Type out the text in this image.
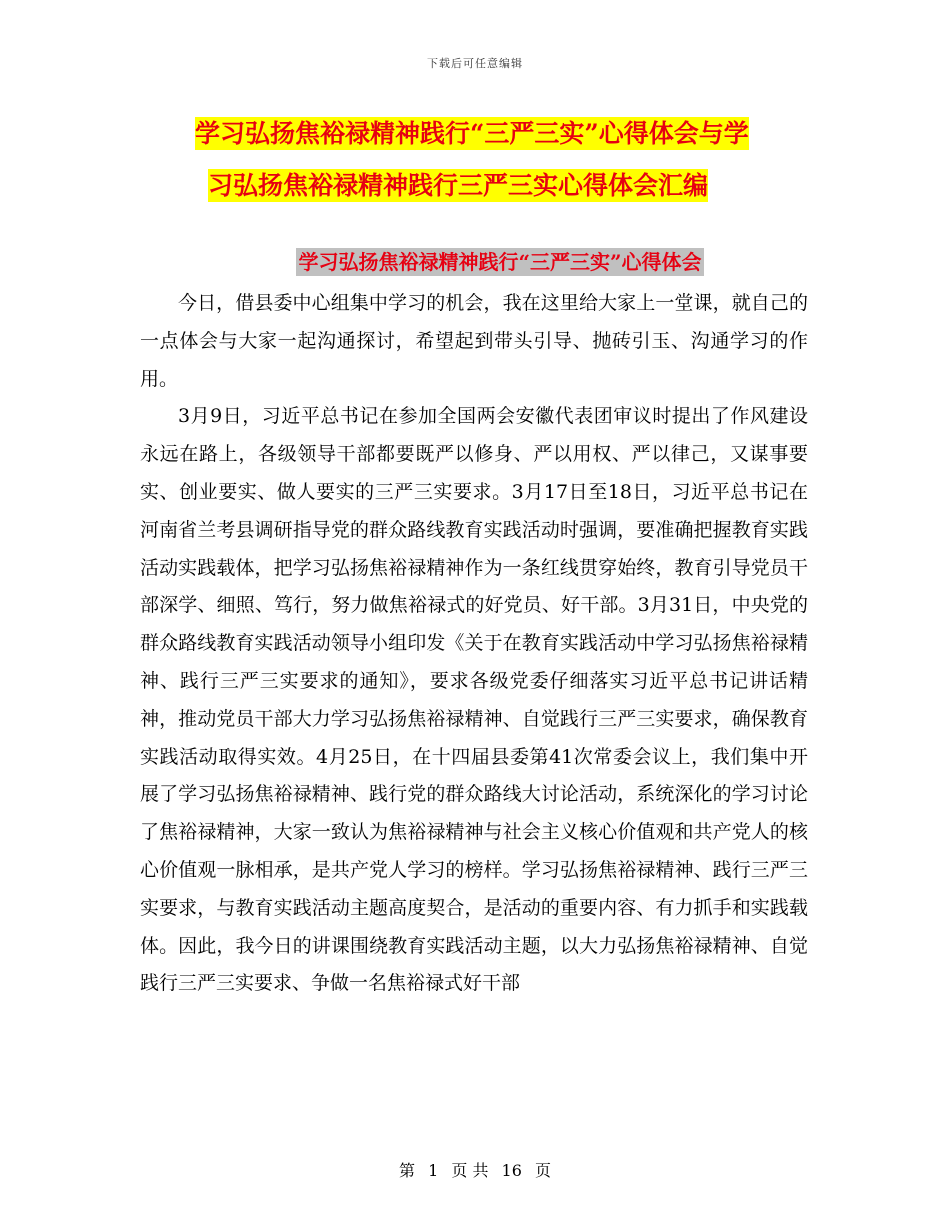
下载后可任意编辑
学习弘扬焦裕禄精神践行“三严三实”心得体会与学
习弘扬焦裕禄精神践行三严三实心得体会汇编
学习弘扬焦裕禄精神践行“三严三实”心得体会

今日，借县委中心组集中学习的机会，我在这里给大家上一堂课，就自己的一点体会与大家一起沟通探讨，希望起到带头引导、抛砖引玉、沟通学习的作用。

3月9日，习近平总书记在参加全国两会安徽代表团审议时提出了作风建设永远在路上，各级领导干部都要既严以修身、严以用权、严以律己，又谋事要实、创业要实、做人要实的三严三实要求。3月17日至18日，习近平总书记在河南省兰考县调研指导党的群众路线教育实践活动时强调，要准确把握教育实践活动实践载体，把学习弘扬焦裕禄精神作为一条红线贯穿始终，教育引导党员干部深学、细照、笃行，努力做焦裕禄式的好党员、好干部。3月31日，中央党的群众路线教育实践活动领导小组印发《关于在教育实践活动中学习弘扬焦裕禄精神、践行三严三实要求的通知》，要求各级党委仔细落实习近平总书记讲话精神，推动党员干部大力学习弘扬焦裕禄精神、自觉践行三严三实要求，确保教育实践活动取得实效。4月25日，在十四届县委第41次常委会议上，我们集中开展了学习弘扬焦裕禄精神、践行党的群众路线大讨论活动，系统深化的学习讨论了焦裕禄精神，大家一致认为焦裕禄精神与社会主义核心价值观和共产党人的核心价值观一脉相承，是共产党人学习的榜样。学习弘扬焦裕禄精神、践行三严三实要求，与教育实践活动主题高度契合，是活动的重要内容、有力抓手和实践载体。因此，我今日的讲课围绕教育实践活动主题，以大力弘扬焦裕禄精神、自觉践行三严三实要求、争做一名焦裕禄式好干部

第 1 页 共 16 页
